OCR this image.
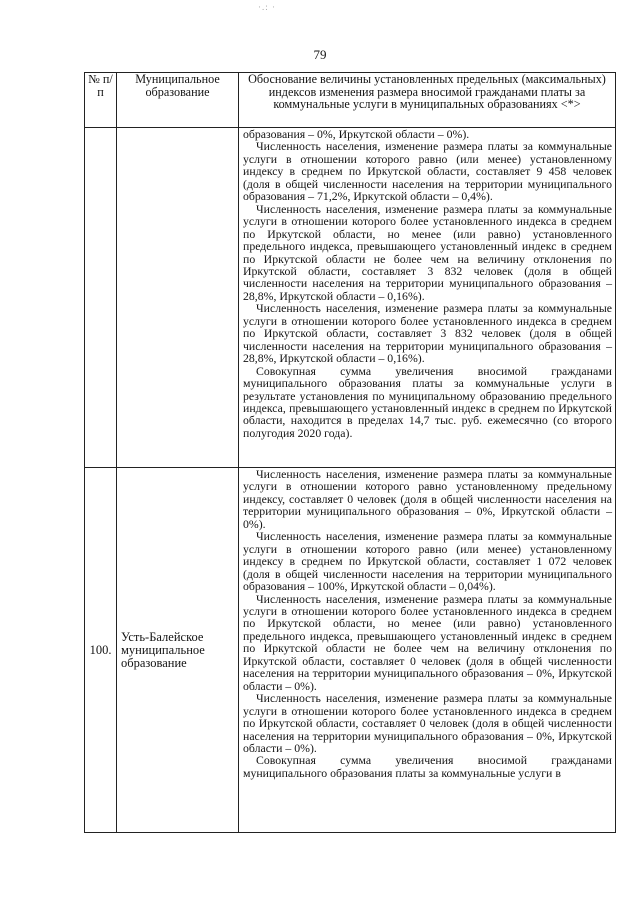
·.: ·
79
№ п/п	Муниципальное образование	Обоснование величины установленных предельных (максимальных) индексов изменения размера вносимой гражданами платы за коммунальные услуги в муниципальных образованиях <*>

		образования – 0%, Иркутской области – 0%).

Численность населения, изменение размера платы за коммунальные услуги в отношении которого равно (или менее) установленному индексу в среднем по Иркутской области, составляет 9 458 человек (доля в общей численности населения на территории муниципального образования – 71,2%, Иркутской области – 0,4%).

Численность населения, изменение размера платы за коммунальные услуги в отношении которого более установленного индекса в среднем по Иркутской области, но менее (или равно) установленного предельного индекса, превышающего установленный индекс в среднем по Иркутской области не более чем на величину отклонения по Иркутской области, составляет 3 832 человек (доля в общей численности населения на территории муниципального образования – 28,8%, Иркутской области – 0,16%).

Численность населения, изменение размера платы за коммунальные услуги в отношении которого более установленного индекса в среднем по Иркутской области, составляет 3 832 человек (доля в общей численности населения на территории муниципального образования – 28,8%, Иркутской области – 0,16%).

Совокупная сумма увеличения вносимой гражданами муниципального образования платы за коммунальные услуги в результате установления по муниципальному образованию предельного индекса, превышающего установленный индекс в среднем по Иркутской области, находится в пределах 14,7 тыс. руб. ежемесячно (со второго полугодия 2020 года).

100.	Усть-Балейское муниципальное образование	Численность населения, изменение размера платы за коммунальные услуги в отношении которого равно установленному предельному индексу, составляет 0 человек (доля в общей численности населения на территории муниципального образования – 0%, Иркутской области – 0%).

Численность населения, изменение размера платы за коммунальные услуги в отношении которого равно (или менее) установленному индексу в среднем по Иркутской области, составляет 1 072 человек (доля в общей численности населения на территории муниципального образования – 100%, Иркутской области – 0,04%).

Численность населения, изменение размера платы за коммунальные услуги в отношении которого более установленного индекса в среднем по Иркутской области, но менее (или равно) установленного предельного индекса, превышающего установленный индекс в среднем по Иркутской области не более чем на величину отклонения по Иркутской области, составляет 0 человек (доля в общей численности населения на территории муниципального образования – 0%, Иркутской области – 0%).

Численность населения, изменение размера платы за коммунальные услуги в отношении которого более установленного индекса в среднем по Иркутской области, составляет 0 человек (доля в общей численности населения на территории муниципального образования – 0%, Иркутской области – 0%).

Совокупная сумма увеличения вносимой гражданами муниципального образования платы за коммунальные услуги в
